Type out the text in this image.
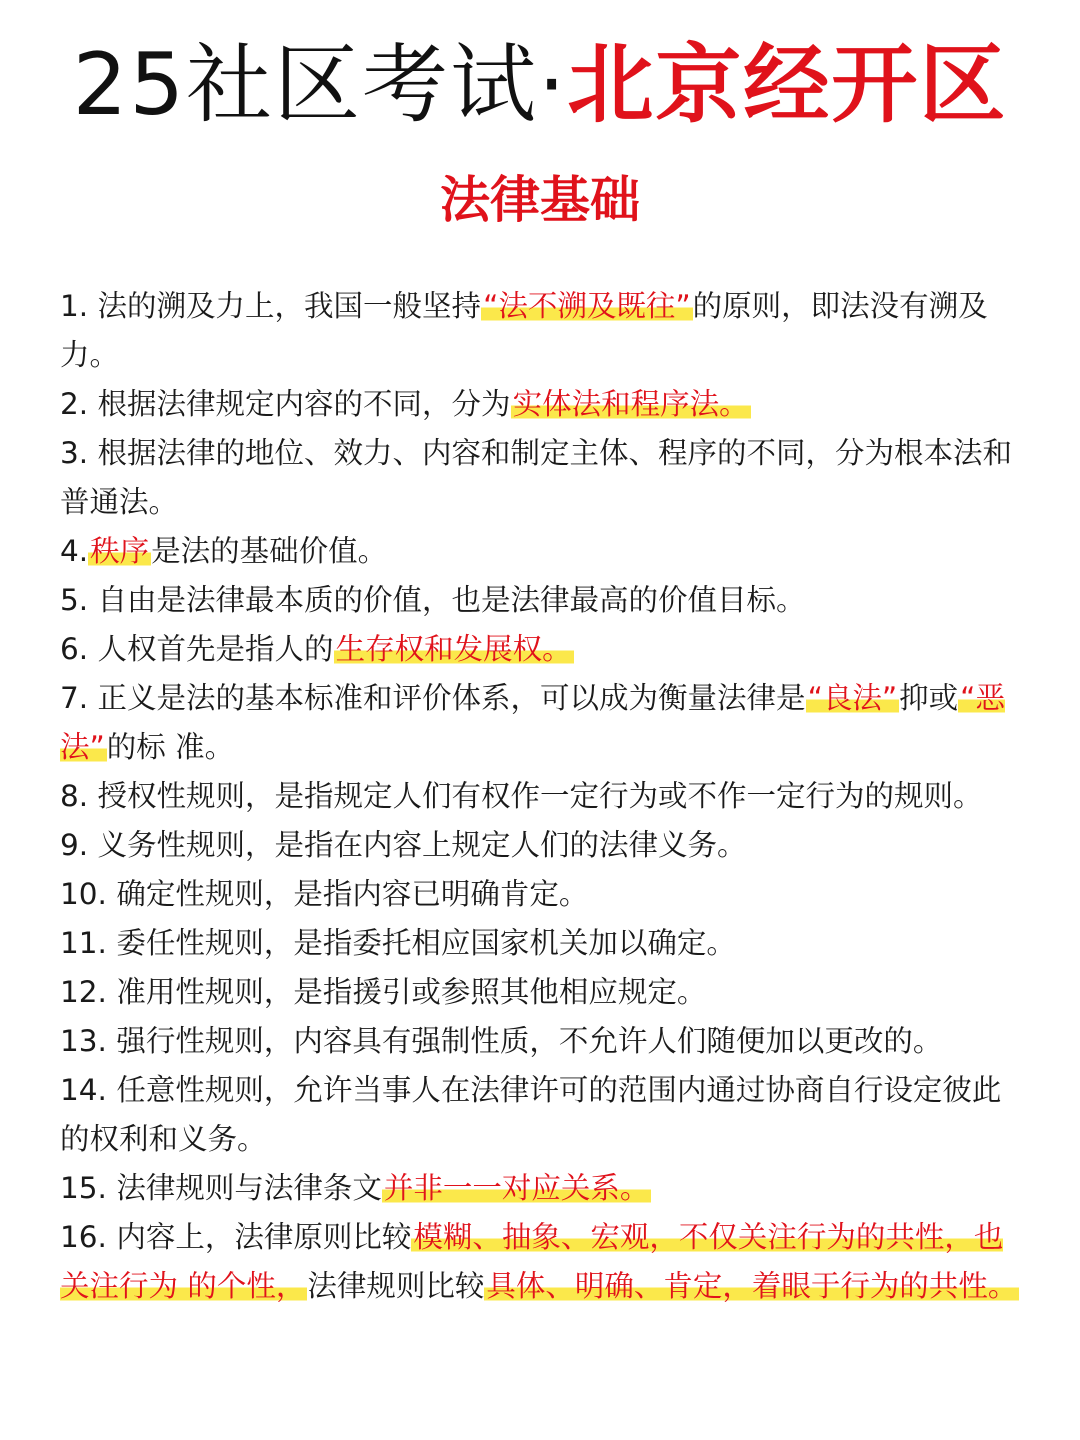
25社区考试·北京经开区
法律基础

1. 法的溯及力上，我国一般坚持“法不溯及既往”的原则，即法没有溯及力。

2. 根据法律规定内容的不同，分为实体法和程序法。

3. 根据法律的地位、效力、内容和制定主体、程序的不同，分为根本法和普通法。

4.秩序是法的基础价值。

5. 自由是法律最本质的价值，也是法律最高的价值目标。

6. 人权首先是指人的生存权和发展权。

7. 正义是法的基本标准和评价体系，可以成为衡量法律是“良法”抑或“恶法”的标 准。

8. 授权性规则，是指规定人们有权作一定行为或不作一定行为的规则。

9. 义务性规则，是指在内容上规定人们的法律义务。

10. 确定性规则，是指内容已明确肯定。

11. 委任性规则，是指委托相应国家机关加以确定。

12. 准用性规则，是指援引或参照其他相应规定。

13. 强行性规则，内容具有强制性质，不允许人们随便加以更改的。

14. 任意性规则，允许当事人在法律许可的范围内通过协商自行设定彼此的权利和义务。

15. 法律规则与法律条文并非一一对应关系。

16. 内容上，法律原则比较模糊、抽象、宏观，不仅关注行为的共性，也关注行为 的个性，法律规则比较具体、明确、肯定，着眼于行为的共性。
